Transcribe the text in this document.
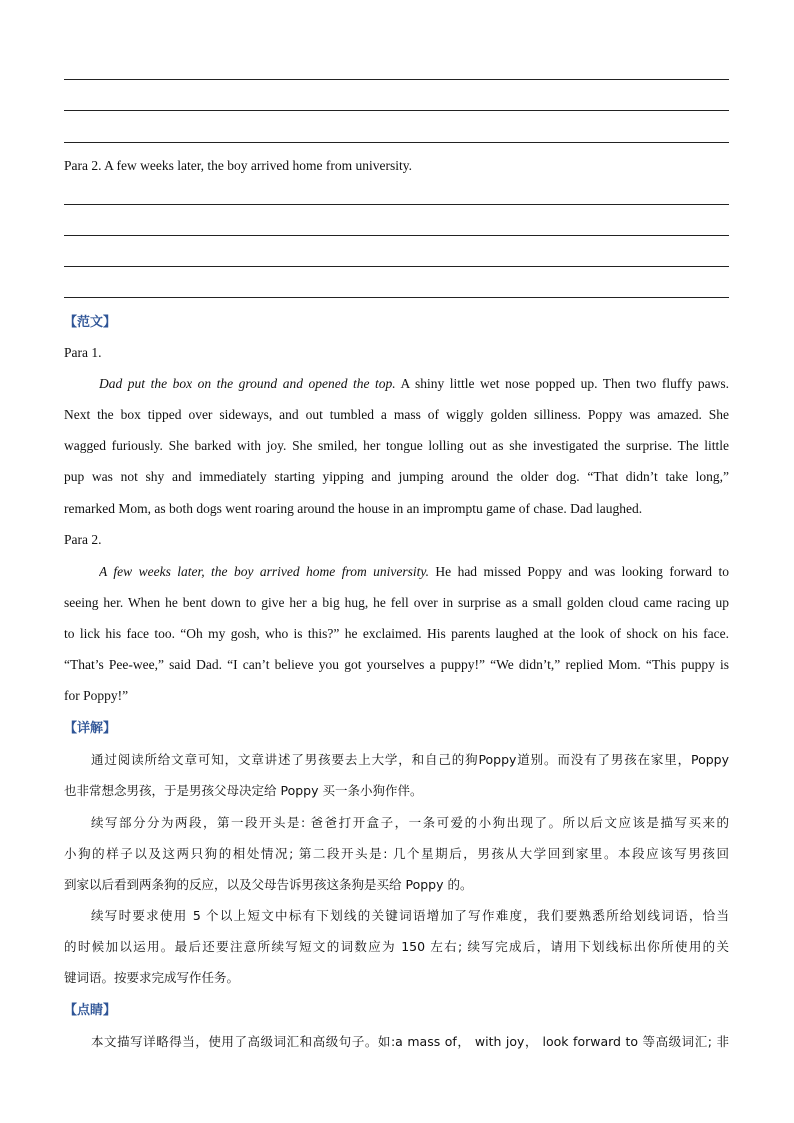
Para 2. A few weeks later, the boy arrived home from university.
【范文】
Para 1.
Dad put the box on the ground and opened the top. A shiny little wet nose popped up. Then two fluffy paws.
Next the box tipped over sideways, and out tumbled a mass of wiggly golden silliness. Poppy was amazed. She
wagged furiously. She barked with joy. She smiled, her tongue lolling out as she investigated the surprise. The little
pup was not shy and immediately starting yipping and jumping around the older dog. “That didn’t take long,”
remarked Mom, as both dogs went roaring around the house in an impromptu game of chase. Dad laughed.
Para 2.
A few weeks later, the boy arrived home from university. He had missed Poppy and was looking forward to
seeing her. When he bent down to give her a big hug, he fell over in surprise as a small golden cloud came racing up
to lick his face too. “Oh my gosh, who is this?” he exclaimed. His parents laughed at the look of shock on his face.
“That’s Pee-wee,” said Dad. “I can’t believe you got yourselves a puppy!” “We didn’t,” replied Mom. “This puppy is
for Poppy!”
【详解】
通过阅读所给文章可知，文章讲述了男孩要去上大学，和自己的狗Poppy道别。而没有了男孩在家里，Poppy
也非常想念男孩，于是男孩父母决定给 Poppy 买一条小狗作伴。
续写部分分为两段，第一段开头是: 爸爸打开盒子，一条可爱的小狗出现了。所以后文应该是描写买来的
小狗的样子以及这两只狗的相处情况; 第二段开头是: 几个星期后，男孩从大学回到家里。本段应该写男孩回
到家以后看到两条狗的反应，以及父母告诉男孩这条狗是买给 Poppy 的。
续写时要求使用 5 个以上短文中标有下划线的关键词语增加了写作难度，我们要熟悉所给划线词语，恰当
的时候加以运用。最后还要注意所续写短文的词数应为 150 左右; 续写完成后，请用下划线标出你所使用的关
键词语。按要求完成写作任务。
【点睛】
本文描写详略得当，使用了高级词汇和高级句子。如:a mass of， with joy， look forward to 等高级词汇; 非
